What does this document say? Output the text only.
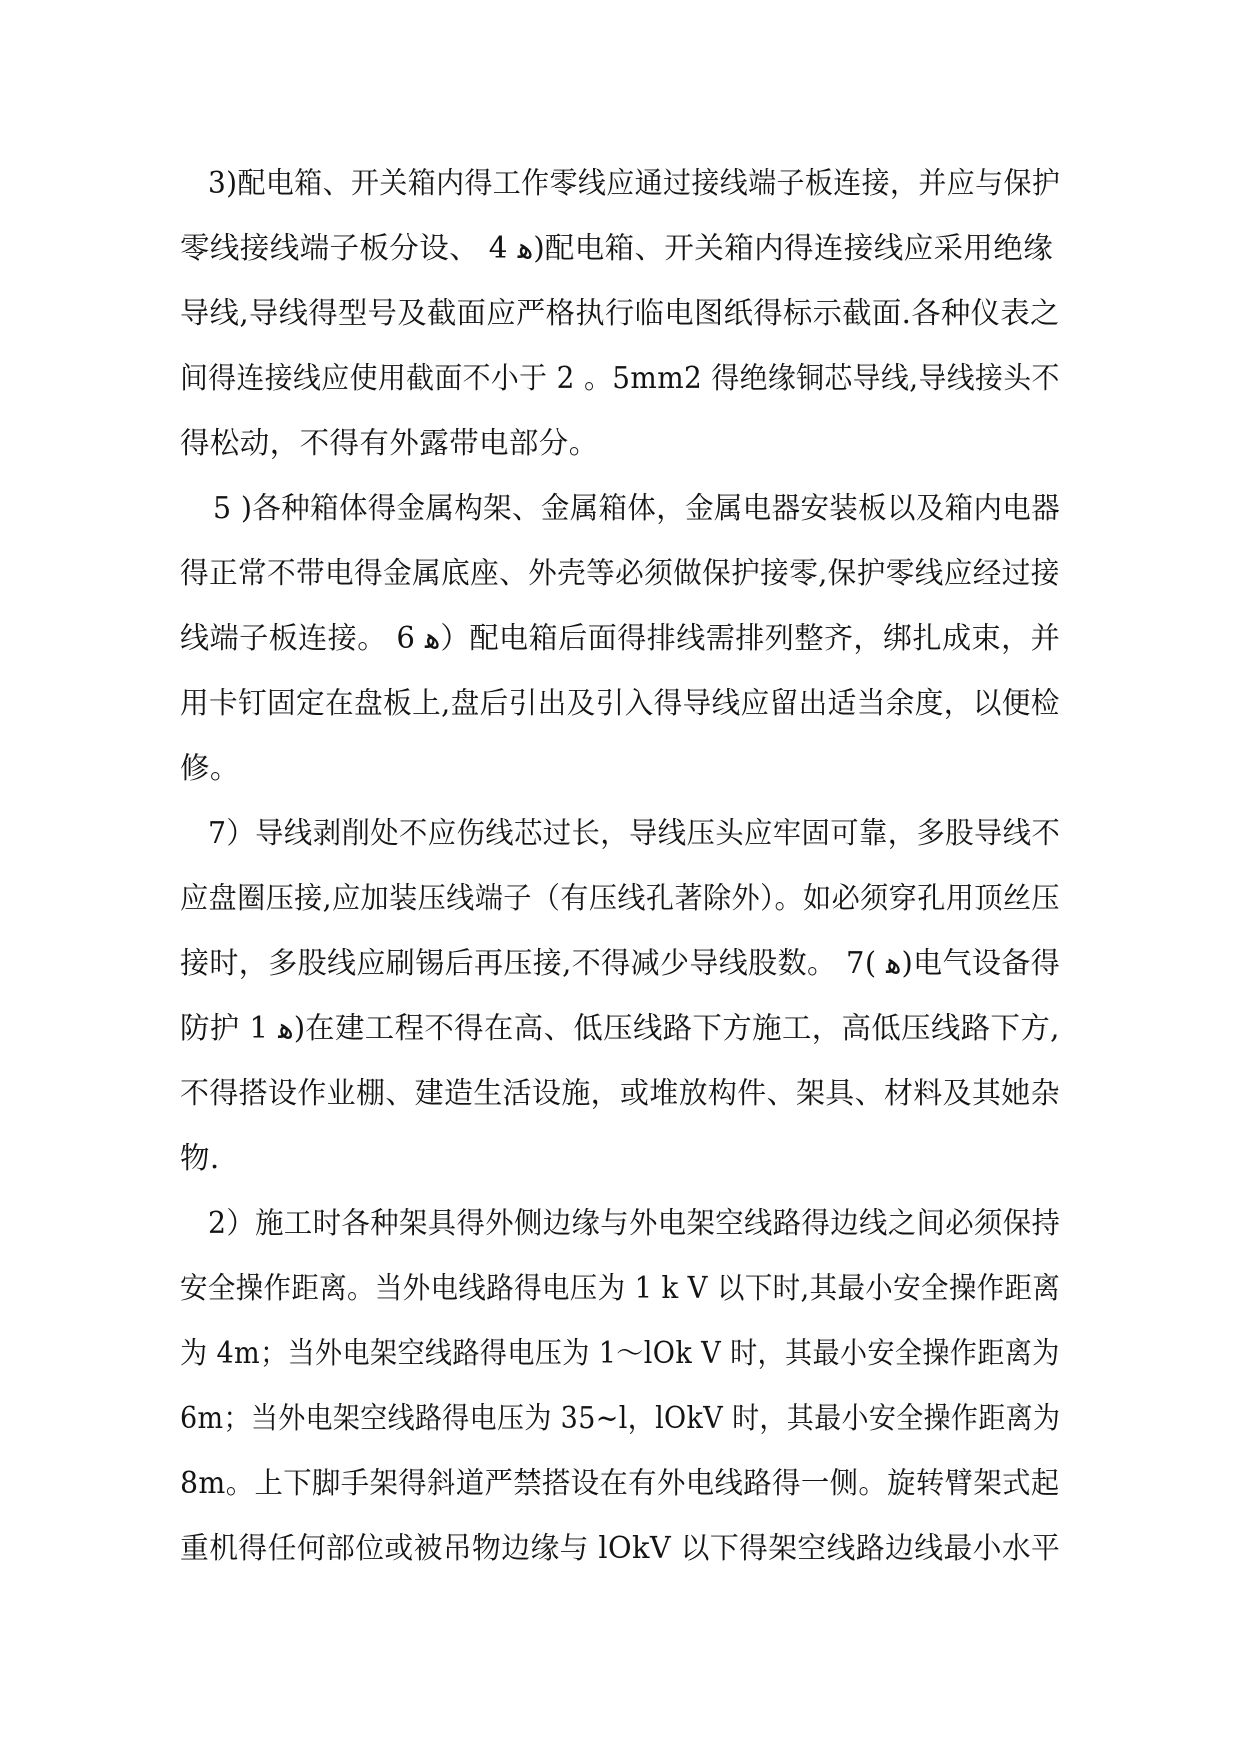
3)配电箱、开关箱内得工作零线应通过接线端子板连接，并应与保护
零线接线端子板分设、 4 ﻫ)配电箱、开关箱内得连接线应采用绝缘
导线,导线得型号及截面应严格执行临电图纸得标示截面.各种仪表之
间得连接线应使用截面不小于 2 。5mm2 得绝缘铜芯导线,导线接头不
得松动，不得有外露带电部分。
5 )各种箱体得金属构架、金属箱体，金属电器安装板以及箱内电器
得正常不带电得金属底座、外壳等必须做保护接零,保护零线应经过接
线端子板连接。 6 ﻫ）配电箱后面得排线需排列整齐，绑扎成束，并
用卡钉固定在盘板上,盘后引出及引入得导线应留出适当余度，以便检
修。
7）导线剥削处不应伤线芯过长，导线压头应牢固可靠，多股导线不
应盘圈压接,应加装压线端子（有压线孔著除外）。如必须穿孔用顶丝压
接时，多股线应刷锡后再压接,不得减少导线股数。 7( ﻫ)电气设备得
防护 1 ﻫ)在建工程不得在高、低压线路下方施工，高低压线路下方,
不得搭设作业棚、建造生活设施，或堆放构件、架具、材料及其她杂
物.
2）施工时各种架具得外侧边缘与外电架空线路得边线之间必须保持
安全操作距离。当外电线路得电压为 1 k V 以下时,其最小安全操作距离
为 4m；当外电架空线路得电压为 1～lOk V 时，其最小安全操作距离为
6m；当外电架空线路得电压为 35~l，lOkV 时，其最小安全操作距离为
8m。上下脚手架得斜道严禁搭设在有外电线路得一侧。旋转臂架式起
重机得任何部位或被吊物边缘与 lOkV 以下得架空线路边线最小水平
